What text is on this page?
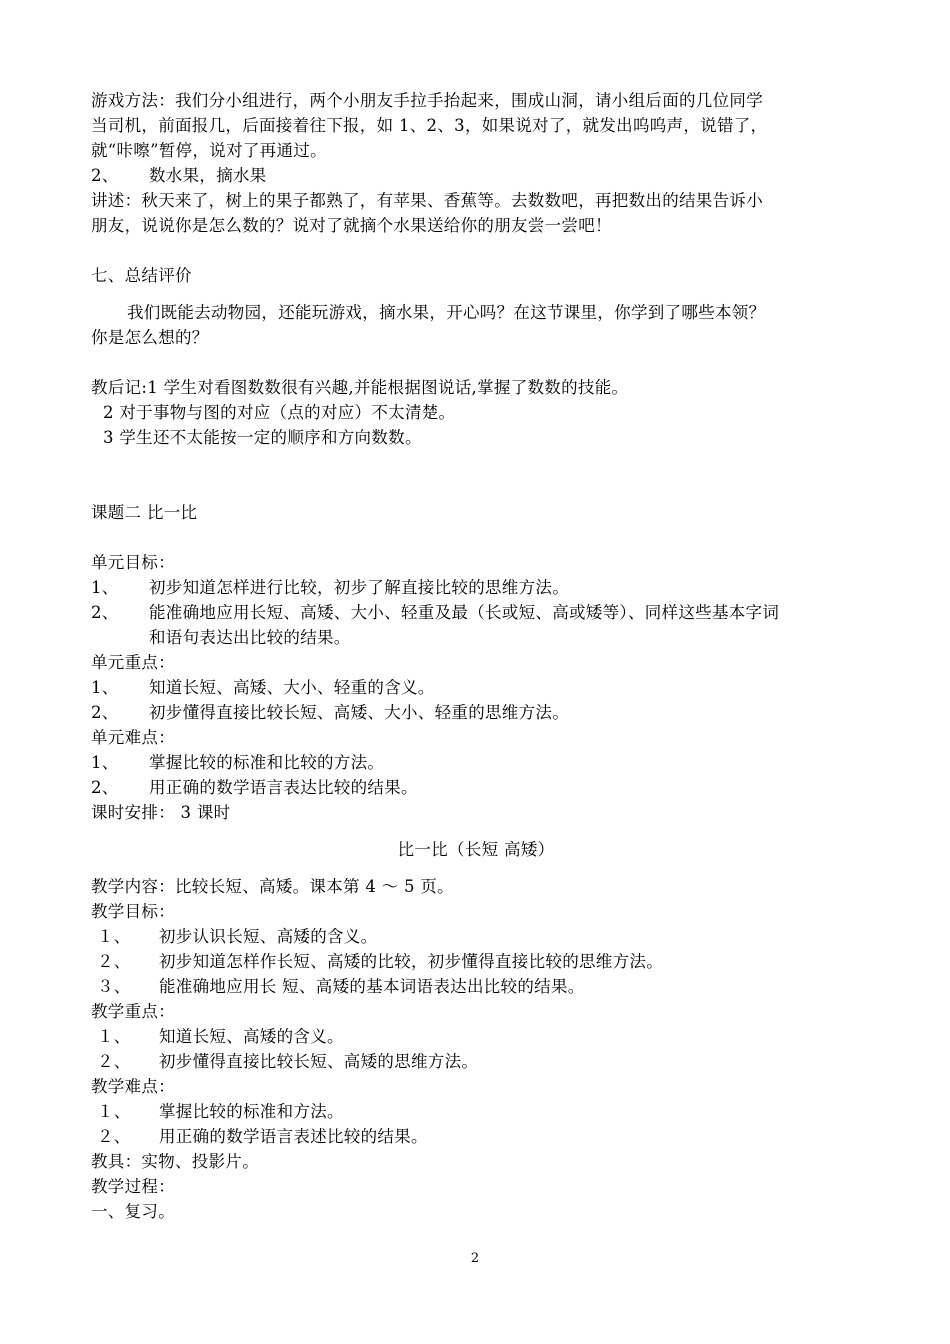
游戏方法：我们分小组进行，两个小朋友手拉手抬起来，围成山洞，请小组后面的几位同学
当司机，前面报几，后面接着往下报，如 1、2、3，如果说对了，就发出呜呜声，说错了，
就“咔嚓”暂停，说对了再通过。
2、 数水果，摘水果
讲述：秋天来了，树上的果子都熟了，有苹果、香蕉等。去数数吧，再把数出的结果告诉小
朋友，说说你是怎么数的？说对了就摘个水果送给你的朋友尝一尝吧！
七、总结评价
我们既能去动物园，还能玩游戏，摘水果，开心吗？在这节课里，你学到了哪些本领？
你是怎么想的？
教后记:1 学生对看图数数很有兴趣,并能根据图说话,掌握了数数的技能。
2 对于事物与图的对应（点的对应）不太清楚。
3 学生还不太能按一定的顺序和方向数数。
课题二 比一比
单元目标：
1、 初步知道怎样进行比较，初步了解直接比较的思维方法。
2、 能准确地应用长短、高矮、大小、轻重及最（长或短、高或矮等）、同样这些基本字词
和语句表达出比较的结果。
单元重点：
1、 知道长短、高矮、大小、轻重的含义。
2、 初步懂得直接比较长短、高矮、大小、轻重的思维方法。
单元难点：
1、 掌握比较的标准和比较的方法。
2、 用正确的数学语言表达比较的结果。
课时安排： 3 课时
比一比（长短 高矮）
教学内容：比较长短、高矮。课本第 4 ～ 5 页。
教学目标：
１、 初步认识长短、高矮的含义。
２、 初步知道怎样作长短、高矮的比较，初步懂得直接比较的思维方法。
３、 能准确地应用长 短、高矮的基本词语表达出比较的结果。
教学重点：
１、 知道长短、高矮的含义。
２、 初步懂得直接比较长短、高矮的思维方法。
教学难点：
１、 掌握比较的标准和方法。
２、 用正确的数学语言表述比较的结果。
教具：实物、投影片。
教学过程：
一、复习。
2
